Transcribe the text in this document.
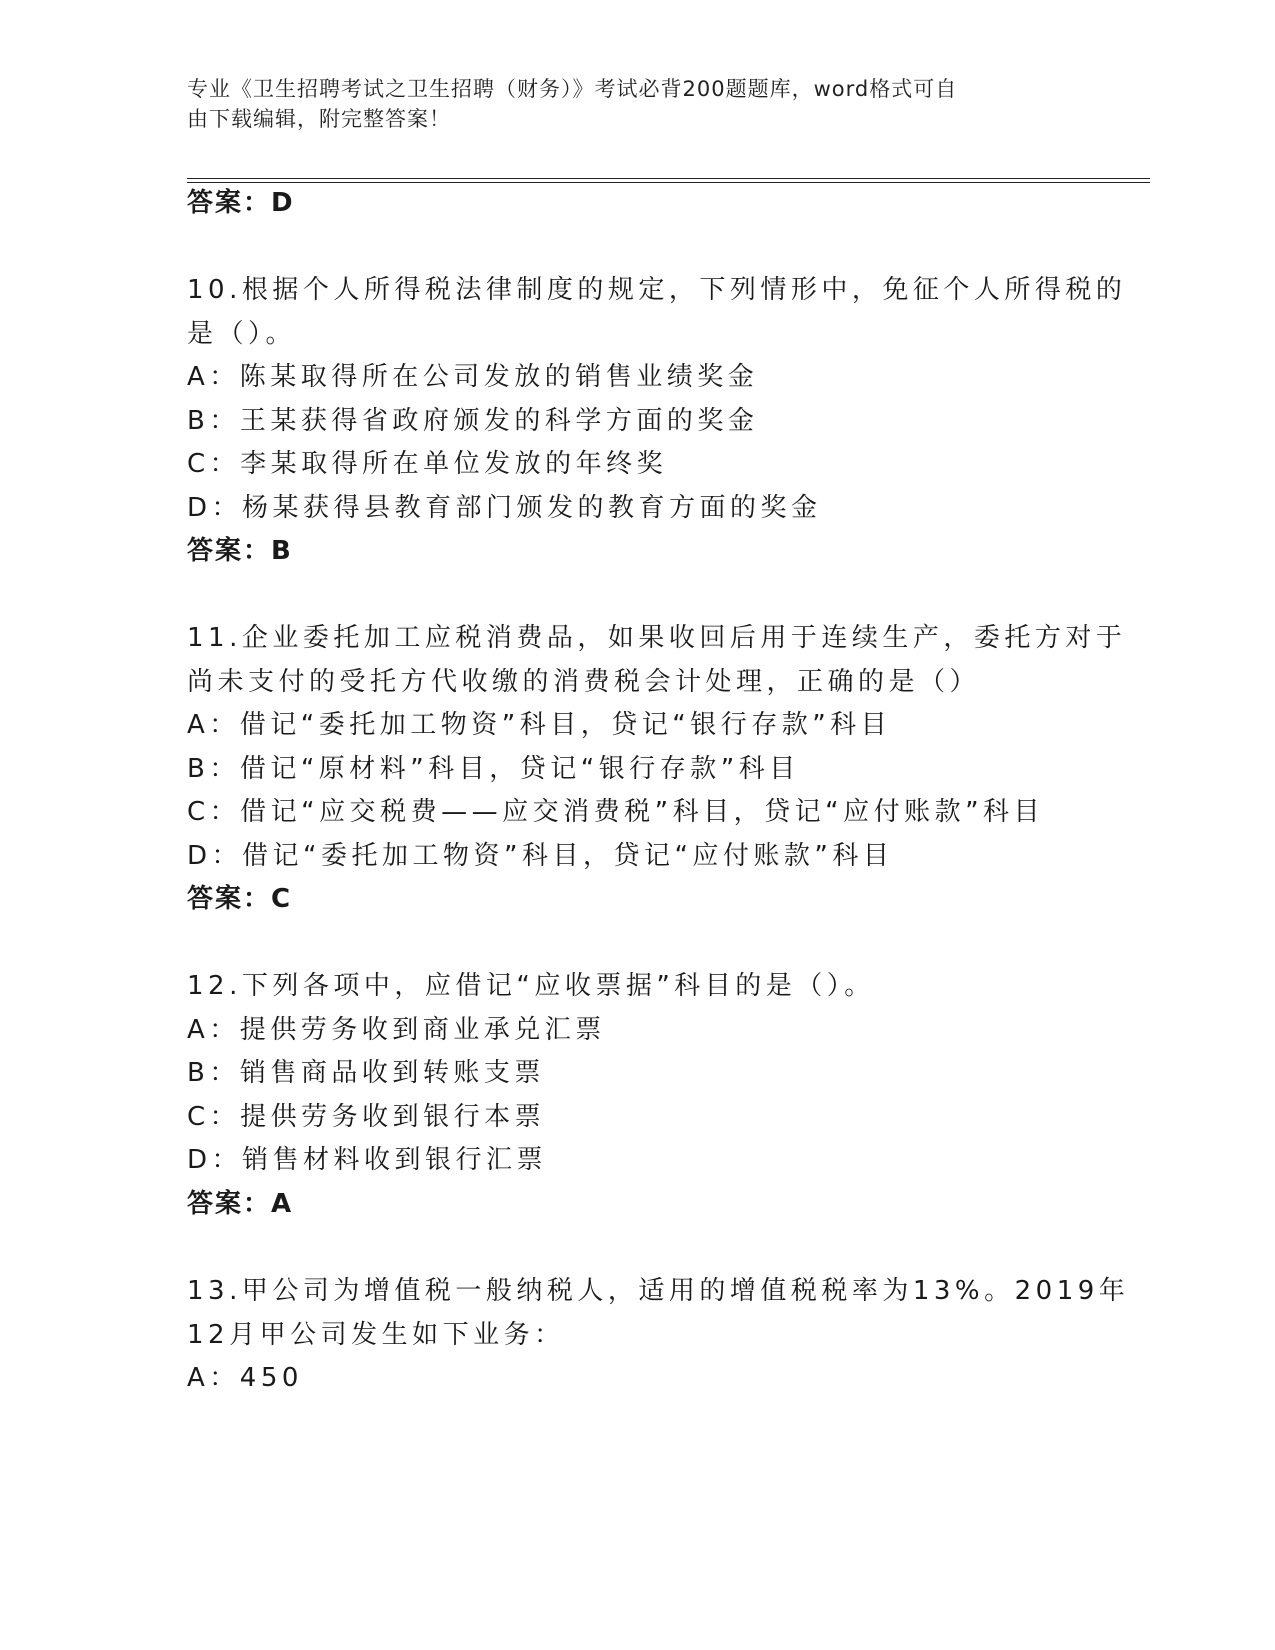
专业《卫生招聘考试之卫生招聘（财务）》考试必背200题题库，word格式可自
由下载编辑，附完整答案！
答案：D
10.根据个人所得税法律制度的规定，下列情形中，免征个人所得税的
是（）。
A：陈某取得所在公司发放的销售业绩奖金
B：王某获得省政府颁发的科学方面的奖金
C：李某取得所在单位发放的年终奖
D：杨某获得县教育部门颁发的教育方面的奖金
答案：B
11.企业委托加工应税消费品，如果收回后用于连续生产，委托方对于
尚未支付的受托方代收缴的消费税会计处理，正确的是（）
A：借记“委托加工物资”科目，贷记“银行存款”科目
B：借记“原材料”科目，贷记“银行存款”科目
C：借记“应交税费——应交消费税”科目，贷记“应付账款”科目
D：借记“委托加工物资”科目，贷记“应付账款”科目
答案：C
12.下列各项中，应借记“应收票据”科目的是（）。
A：提供劳务收到商业承兑汇票
B：销售商品收到转账支票
C：提供劳务收到银行本票
D：销售材料收到银行汇票
答案：A
13.甲公司为增值税一般纳税人，适用的增值税税率为13%。2019年
12月甲公司发生如下业务：
A：450
